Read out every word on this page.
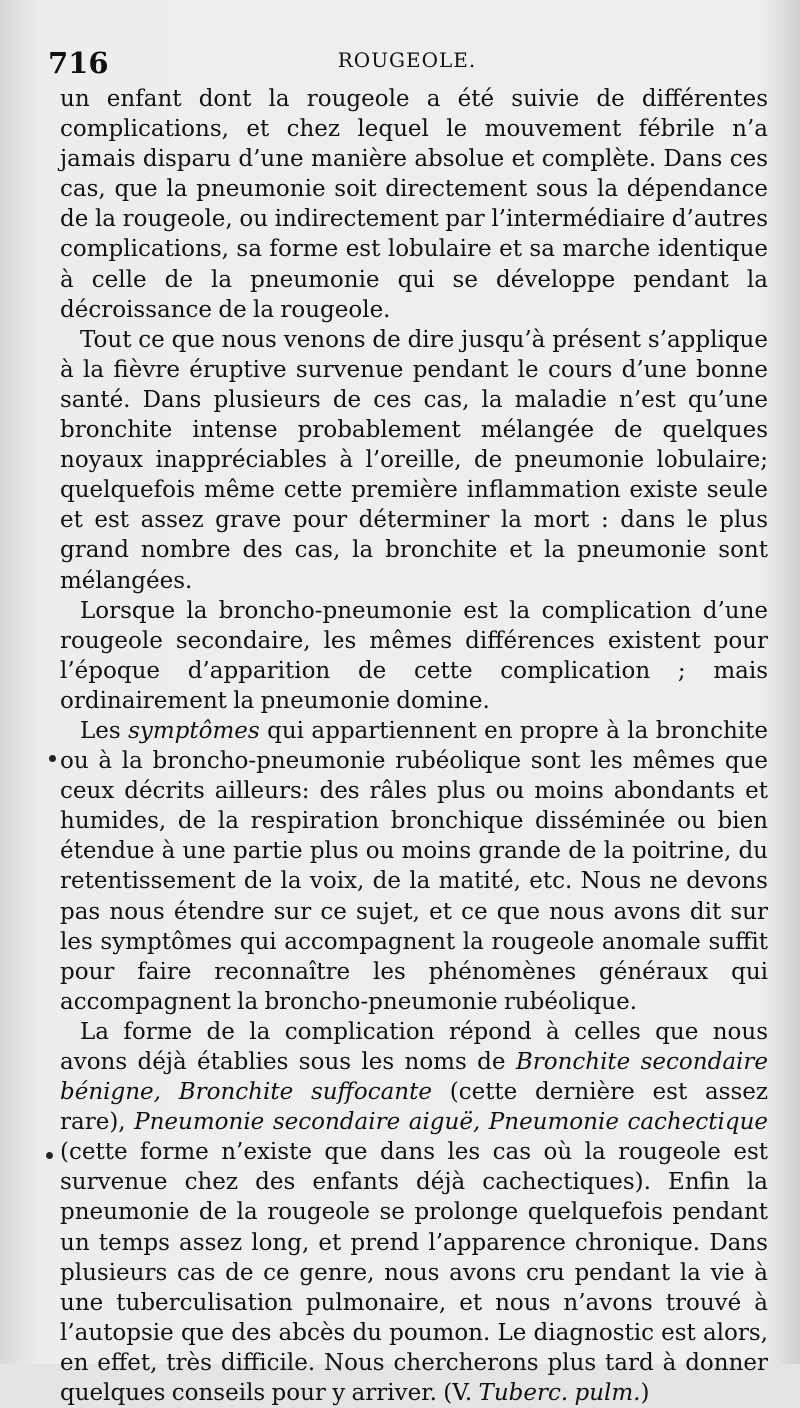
716	ROUGEOLE.

un enfant dont la rougeole a été suivie de différentes complications, et chez lequel le mouvement fébrile n’a jamais disparu d’une manière absolue et complète. Dans ces cas, que la pneumonie soit directement sous la dépendance de la rougeole, ou indirectement par l’intermédiaire d’autres complications, sa forme est lobulaire et sa marche identique à celle de la pneumonie qui se développe pendant la décroissance de la rougeole.

Tout ce que nous venons de dire jusqu’à présent s’applique à la fièvre éruptive survenue pendant le cours d’une bonne santé. Dans plusieurs de ces cas, la maladie n’est qu’une bronchite intense probablement mélangée de quelques noyaux inappréciables à l’oreille, de pneumonie lobulaire; quelquefois même cette première inflammation existe seule et est assez grave pour déterminer la mort : dans le plus grand nombre des cas, la bronchite et la pneumonie sont mélangées.

Lorsque la broncho-pneumonie est la complication d’une rougeole secondaire, les mêmes différences existent pour l’époque d’apparition de cette complication ; mais ordinairement la pneumonie domine.

Les symptômes qui appartiennent en propre à la bronchite ou à la broncho-pneumonie rubéolique sont les mêmes que ceux décrits ailleurs: des râles plus ou moins abondants et humides, de la respiration bronchique disséminée ou bien étendue à une partie plus ou moins grande de la poitrine, du retentissement de la voix, de la matité, etc. Nous ne devons pas nous étendre sur ce sujet, et ce que nous avons dit sur les symptômes qui accompagnent la rougeole anomale suffit pour faire reconnaître les phénomènes généraux qui accompagnent la broncho-pneumonie rubéolique.

La forme de la complication répond à celles que nous avons déjà établies sous les noms de Bronchite secondaire bénigne, Bronchite suffocante (cette dernière est assez rare), Pneumonie secondaire aiguë, Pneumonie cachectique (cette forme n’existe que dans les cas où la rougeole est survenue chez des enfants déjà cachectiques). Enfin la pneumonie de la rougeole se prolonge quelquefois pendant un temps assez long, et prend l’apparence chronique. Dans plusieurs cas de ce genre, nous avons cru pendant la vie à une tuberculisation pulmonaire, et nous n’avons trouvé à l’autopsie que des abcès du poumon. Le diagnostic est alors, en effet, très difficile. Nous chercherons plus tard à donner quelques conseils pour y arriver. (V. Tuberc. pulm.)
